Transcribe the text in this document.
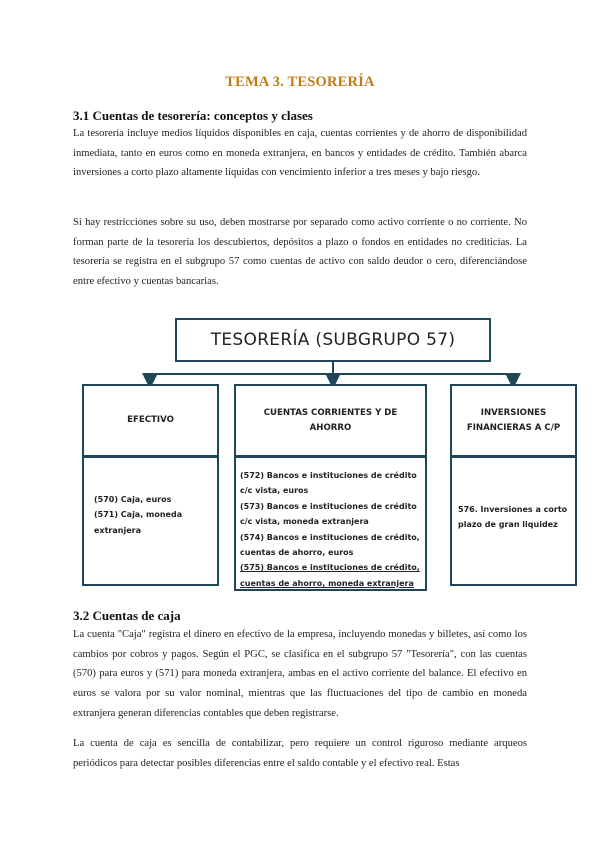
TEMA 3. TESORERÍA
3.1 Cuentas de tesorería: conceptos y clases
La tesorería incluye medios líquidos disponibles en caja, cuentas corrientes y de ahorro de disponibilidad inmediata, tanto en euros como en moneda extranjera, en bancos y entidades de crédito. También abarca inversiones a corto plazo altamente líquidas con vencimiento inferior a tres meses y bajo riesgo.
Si hay restricciones sobre su uso, deben mostrarse por separado como activo corriente o no corriente. No forman parte de la tesorería los descubiertos, depósitos a plazo o fondos en entidades no crediticias. La tesorería se registra en el subgrupo 57 como cuentas de activo con saldo deudor o cero, diferenciándose entre efectivo y cuentas bancarias.
TESORERÍA (SUBGRUPO 57)
EFECTIVO
(570) Caja, euros
(571) Caja, moneda
extranjera
CUENTAS CORRIENTES Y DE AHORRO
(572) Bancos e instituciones de crédito
c/c vista, euros
(573) Bancos e instituciones de crédito
c/c vista, moneda extranjera
(574) Bancos e instituciones de crédito,
cuentas de ahorro, euros
(575) Bancos e instituciones de crédito,
cuentas de ahorro, moneda extranjera
INVERSIONES FINANCIERAS A C/P
576. Inversiones a corto
plazo de gran liquidez
3.2 Cuentas de caja
La cuenta "Caja" registra el dinero en efectivo de la empresa, incluyendo monedas y billetes, así como los cambios por cobros y pagos. Según el PGC, se clasifica en el subgrupo 57 "Tesorería", con las cuentas (570) para euros y (571) para moneda extranjera, ambas en el activo corriente del balance. El efectivo en euros se valora por su valor nominal, mientras que las fluctuaciones del tipo de cambio en moneda extranjera generan diferencias contables que deben registrarse.
La cuenta de caja es sencilla de contabilizar, pero requiere un control riguroso mediante arqueos periódicos para detectar posibles diferencias entre el saldo contable y el efectivo real. Estas
